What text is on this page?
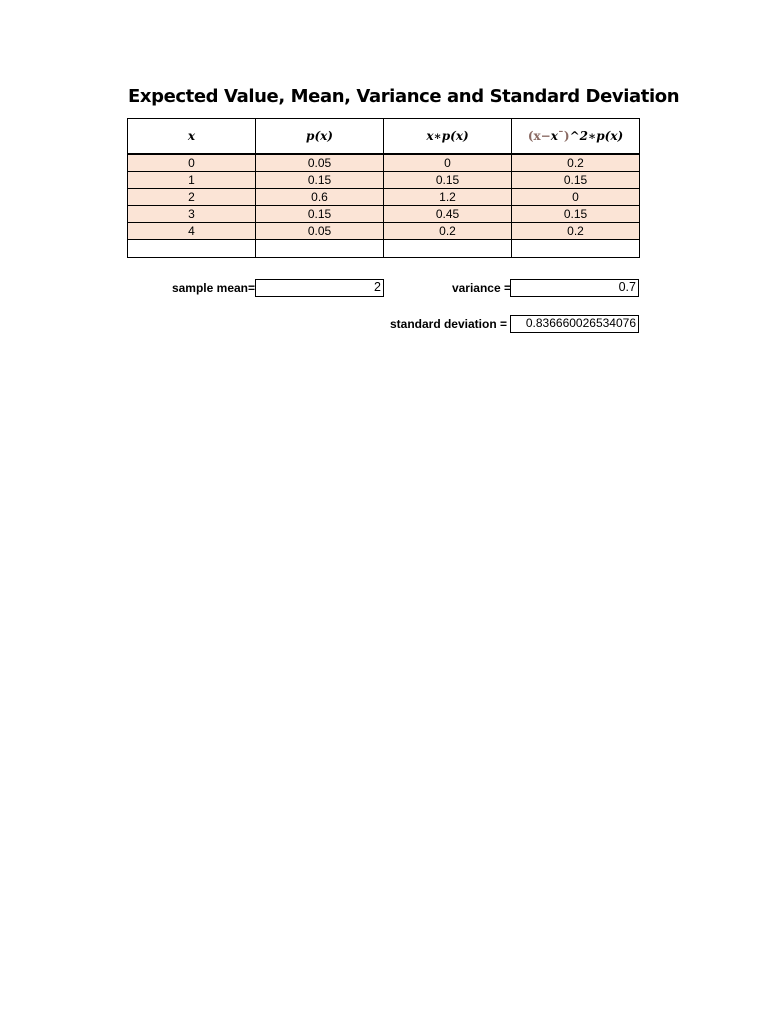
Expected Value, Mean, Variance and Standard Deviation
x	p(x)	x∗p(x)	(x−x¯)^2∗p(x)
0	0.05	0	0.2
1	0.15	0.15	0.15
2	0.6	1.2	0
3	0.15	0.45	0.15
4	0.05	0.2	0.2

sample mean=	2	variance =	0.7
standard deviation =	0.836660026534076
